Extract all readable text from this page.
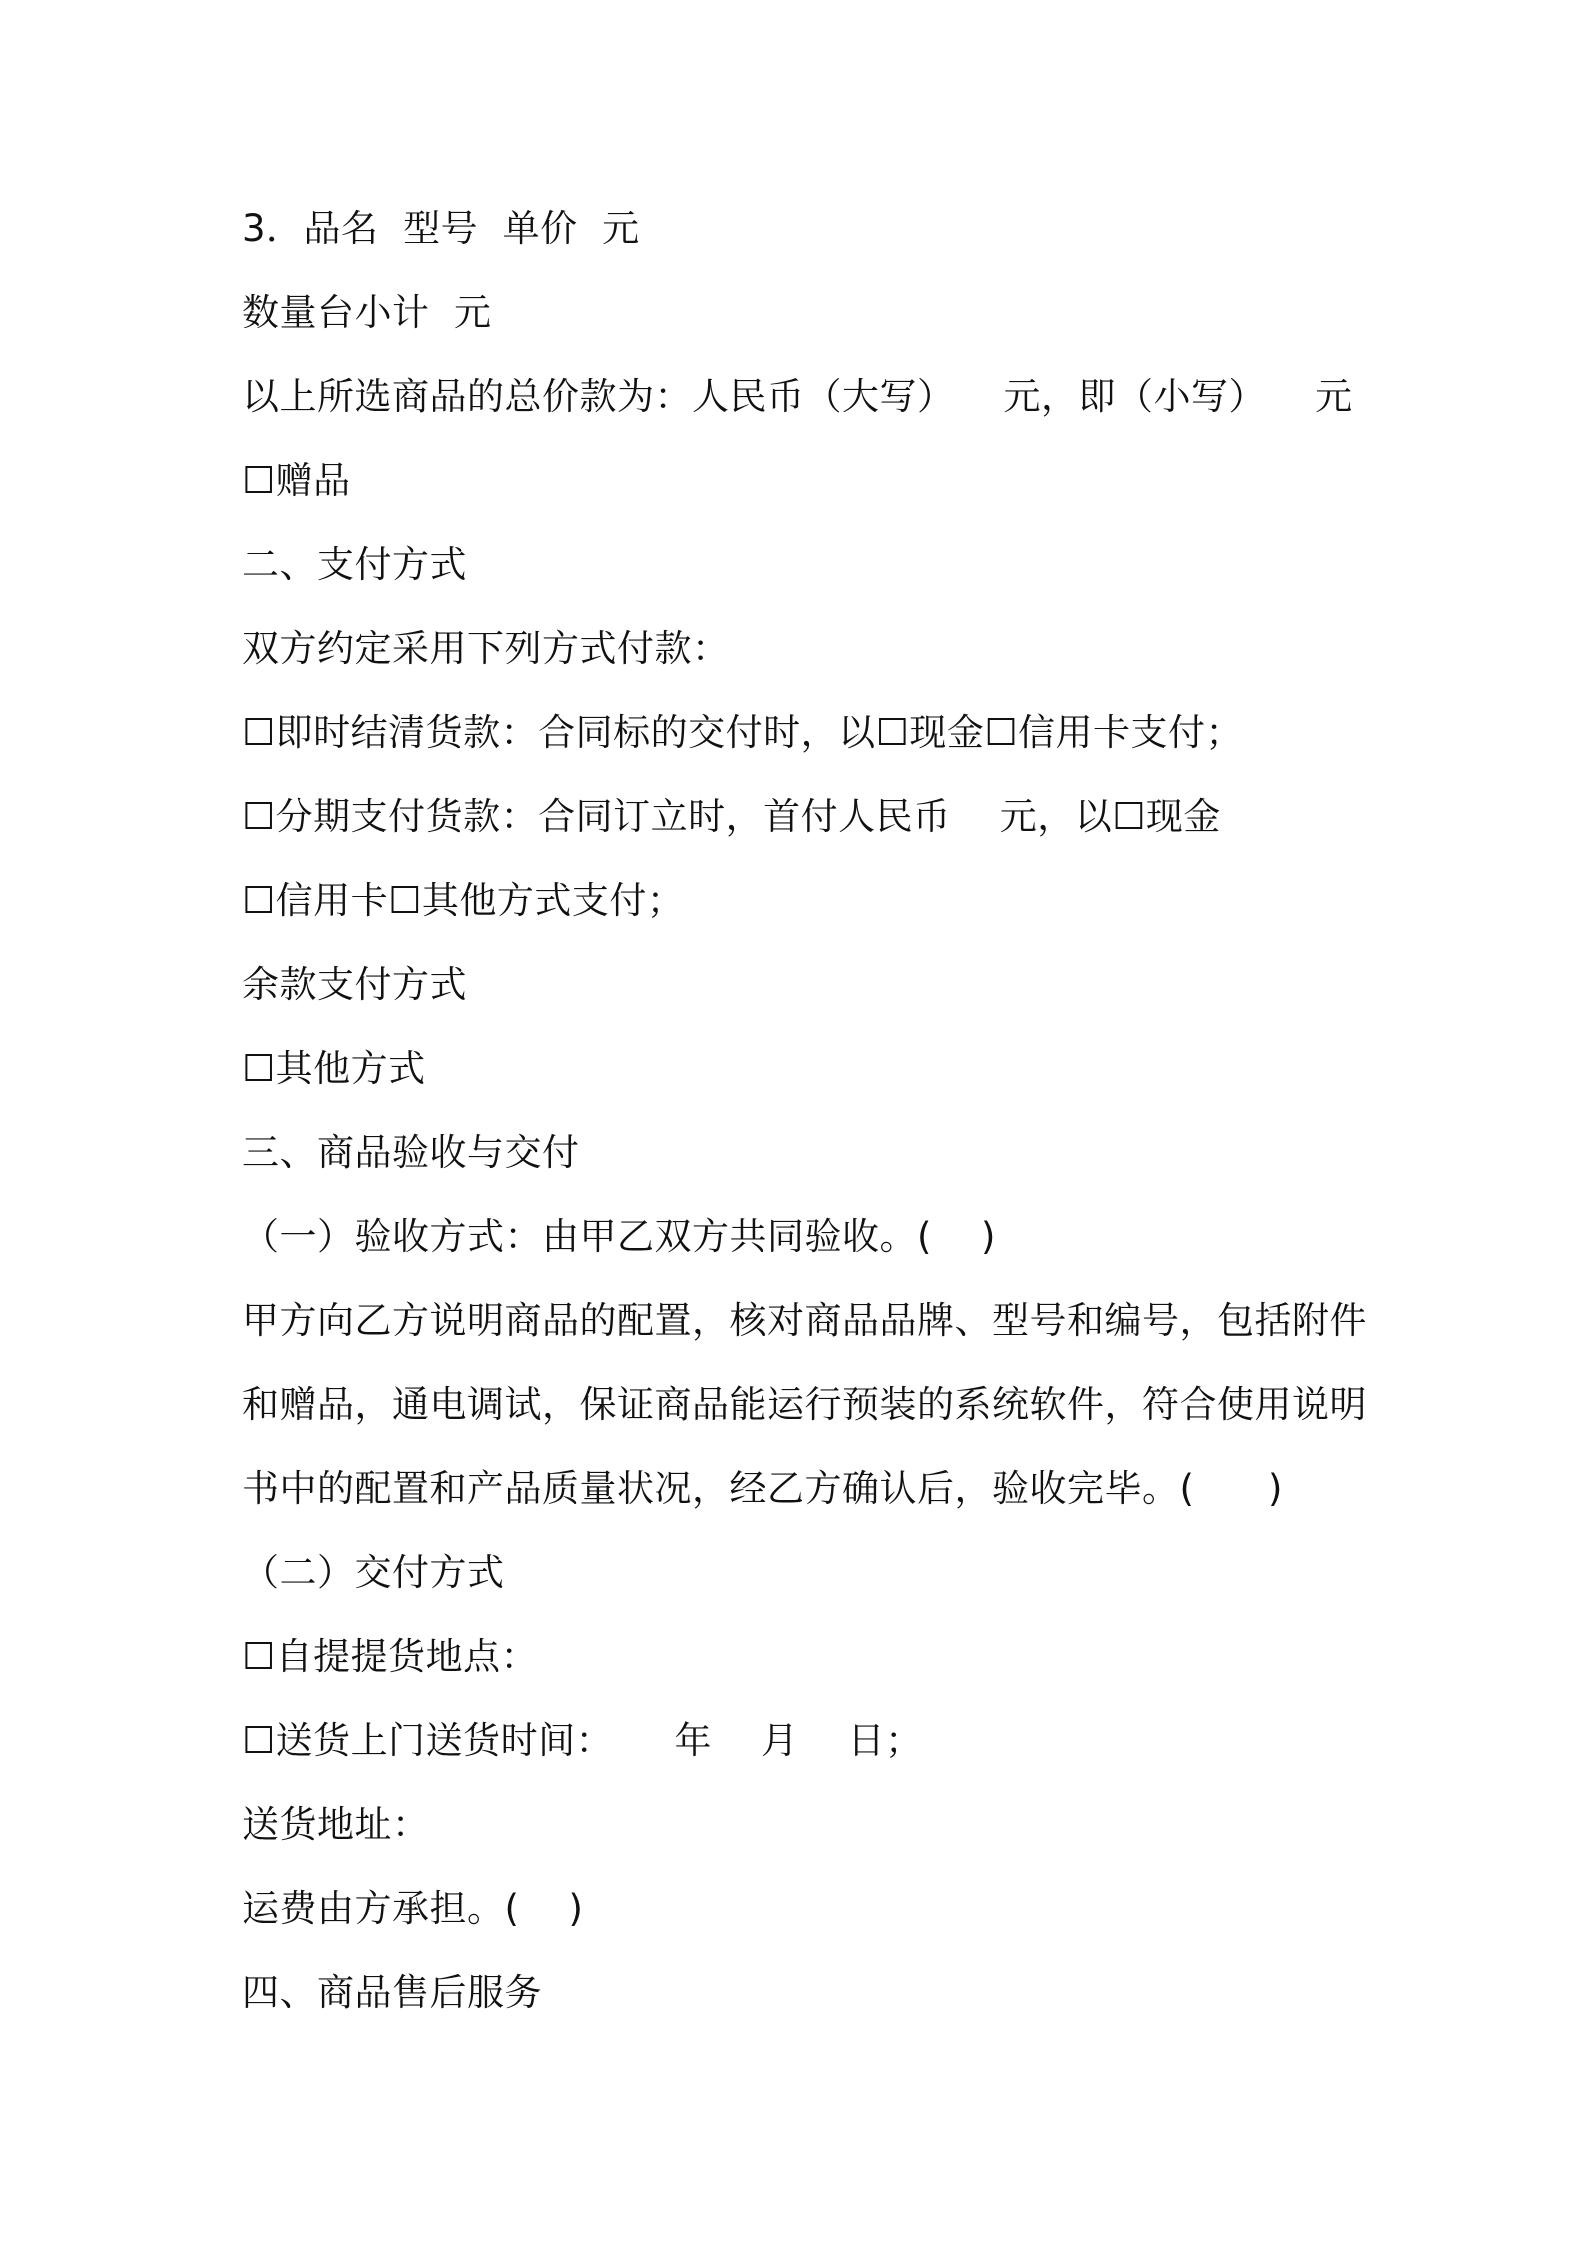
3．品名  型号  单价  元
数量台小计  元
以上所选商品的总价款为：人民币（大写）    元，即（小写）    元
☐赠品
二、支付方式
双方约定采用下列方式付款：
☐即时结清货款：合同标的交付时，以☐现金☐信用卡支付；
☐分期支付货款：合同订立时，首付人民币    元，以☐现金
☐信用卡☐其他方式支付；
余款支付方式
☐其他方式
三、商品验收与交付
（一）验收方式：由甲乙双方共同验收。(    )
甲方向乙方说明商品的配置，核对商品品牌、型号和编号，包括附件
和赠品，通电调试，保证商品能运行预装的系统软件，符合使用说明
书中的配置和产品质量状况，经乙方确认后，验收完毕。(      )
（二）交付方式
☐自提提货地点：
☐送货上门送货时间：     年    月    日；
送货地址：
运费由方承担。(    )
四、商品售后服务
